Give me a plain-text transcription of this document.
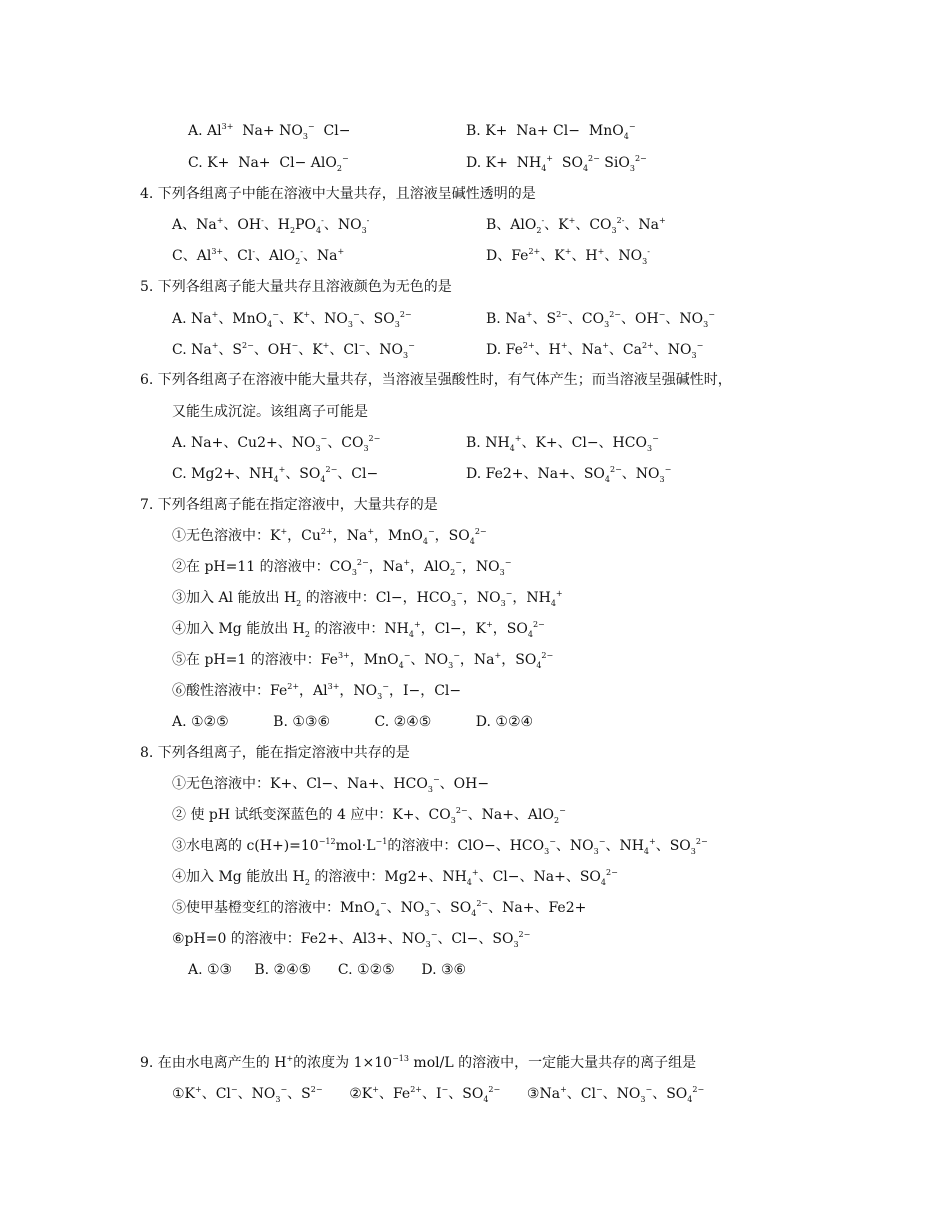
A. $Al^{3+}$  $Na+ NO_3^-$  Cl−	B. K+  Na+ Cl−  MnO$_4$−
C. K+  Na+  Cl− AlO$_2$−	D. $K+ NH_4^+$  $SO_4^{2-}$ SiO$_3^{2-}$
4. 下列各组离子中能在溶液中大量共存，且溶液呈碱性透明的是
A、Na+、OH-、$H_2PO_4^-$、$NO_3^-$	B、AlO$_2$-、K+、$CO_3^{2-}$、Na+
C、$Al^{3+}$、Cl-、AlO$_2$-、Na+	D、$Fe^{2+}$、K+、H+、$NO_3^-$
5. 下列各组离子能大量共存且溶液颜色为无色的是
A. Na+、MnO$_4$−、K+、$NO_3^-$、$SO_3^{2-}$	B. Na+、$S^{2-}$、$CO_3^{2-}$、OH−、$NO_3^-$
C. Na+、$S^{2-}$、OH−、K+、Cl−、$NO_3^-$	D. $Fe^{2+}$、H+、Na+、$Ca^{2+}$、$NO_3^-$
6. 下列各组离子在溶液中能大量共存，当溶液呈强酸性时，有气体产生；而当溶液呈强碱性时，
又能生成沉淀。该组离子可能是
A. Na+、Cu2+、$NO_3^-$、$CO_3^{2-}$	B. $NH_4^+$、K+、Cl−、$HCO_3^-$
C. Mg2+、$NH_4^+$、$SO_4^{2-}$、Cl−	D. Fe2+、Na+、$SO_4^{2-}$、$NO_3^-$
7. 下列各组离子能在指定溶液中，大量共存的是
①无色溶液中：K+，$Cu^{2+}$，Na+，MnO$_4$−，$SO_4^{2-}$
②在 pH=11 的溶液中：$CO_3^{2-}$，Na+，AlO$_2$−，$NO_3^-$
③加入 Al 能放出 $H_2$ 的溶液中：Cl−，$HCO_3^-$，$NO_3^-$，$NH_4^+$
④加入 Mg 能放出 $H_2$ 的溶液中：$NH_4^+$，Cl−，K+，$SO_4^{2-}$
⑤在 pH=1 的溶液中：$Fe^{3+}$，MnO$_4$−、$NO_3^-$，Na+，$SO_4^{2-}$
⑥酸性溶液中：$Fe^{2+}$，$Al^{3+}$，$NO_3^-$，I−，Cl−
A. ①②⑤          B. ①③⑥          C. ②④⑤          D. ①②④
8. 下列各组离子，能在指定溶液中共存的是
①无色溶液中：K+、Cl−、Na+、$HCO_3^-$、OH−
② 使 pH 试纸变深蓝色的 4 应中：K+、$CO_3^{2-}$、Na+、AlO$_2$−
③水电离的 $c(H+)=10^{-12}mol\cdot L^{-1}$的溶液中：ClO−、$HCO_3^-$、$NO_3^-$、$NH_4^+$、$SO_3^{2-}$
④加入 Mg 能放出 $H_2$ 的溶液中：Mg2+、$NH_4^+$、Cl−、Na+、$SO_4^{2-}$
⑤使甲基橙变红的溶液中：MnO$_4$−、$NO_3^-$、$SO_4^{2-}$、Na+、Fe2+
⑥pH=0 的溶液中：Fe2+、Al3+、$NO_3^-$、Cl−、$SO_3^{2-}$
A. ①③     B. ②④⑤      C. ①②⑤      D. ③⑥
9. 在由水电离产生的 H+的浓度为 $1\times 10^{-13}$ mol/L 的溶液中，一定能大量共存的离子组是
①K+、Cl−、$NO_3^-$、$S^{2-}$      ②K+、$Fe^{2+}$、I−、$SO_4^{2-}$      ③Na+、Cl−、$NO_3^-$、$SO_4^{2-}$
